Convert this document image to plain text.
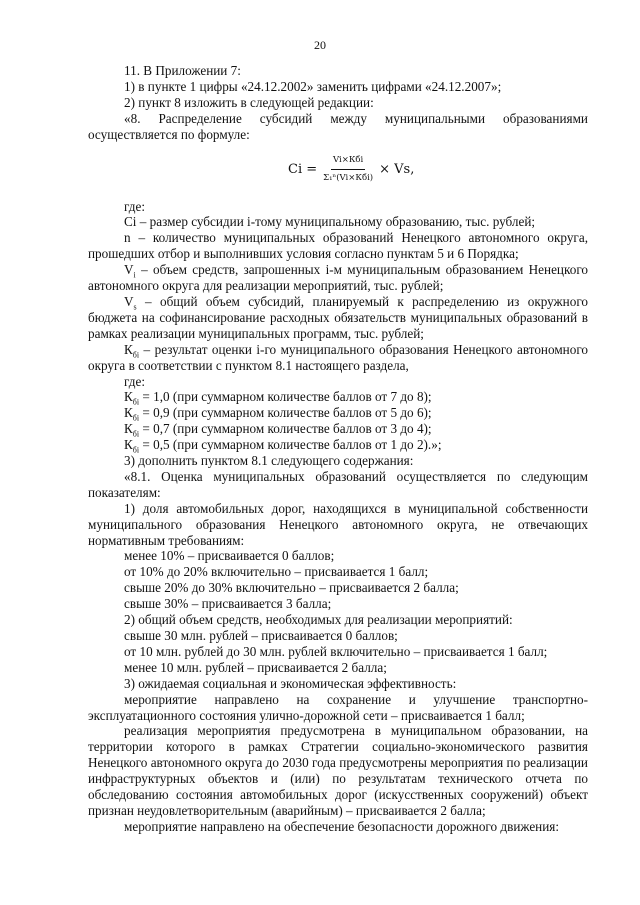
20

11. В Приложении 7:

1) в пункте 1 цифры «24.12.2002» заменить цифрами «24.12.2007»;

2) пункт 8 изложить в следующей редакции:

«8. Распределение субсидий между муниципальными образованиями осуществляется по формуле:

$Ci = \frac{\text{Vi×Кбi}}{\text{Σ₁ⁿ(Vi×Кбi)}} \times Vs$,

где:

Ci – размер субсидии i-тому муниципальному образованию, тыс. рублей;

n – количество муниципальных образований Ненецкого автономного округа, прошедших отбор и выполнивших условия согласно пунктам 5 и 6 Порядка;

$V_i$ – объем средств, запрошенных i-м муниципальным образованием Ненецкого автономного округа для реализации мероприятий, тыс. рублей;

$V_s$ – общий объем субсидий, планируемый к распределению из окружного бюджета на софинансирование расходных обязательств муниципальных образований в рамках реализации муниципальных программ, тыс. рублей;

$К_{бi}$ – результат оценки i-го муниципального образования Ненецкого автономного округа в соответствии с пунктом 8.1 настоящего раздела,

где:

$К_{бi} = 1,0$ (при суммарном количестве баллов от 7 до 8);

$К_{бi} = 0,9$ (при суммарном количестве баллов от 5 до 6);

$К_{бi} = 0,7$ (при суммарном количестве баллов от 3 до 4);

$К_{бi} = 0,5$ (при суммарном количестве баллов от 1 до 2).»;

3) дополнить пунктом 8.1 следующего содержания:

«8.1. Оценка муниципальных образований осуществляется по следующим показателям:

1) доля автомобильных дорог, находящихся в муниципальной собственности муниципального образования Ненецкого автономного округа, не отвечающих нормативным требованиям:

менее 10% – присваивается 0 баллов;

от 10% до 20% включительно – присваивается 1 балл;

свыше 20% до 30% включительно – присваивается 2 балла;

свыше 30% – присваивается 3 балла;

2) общий объем средств, необходимых для реализации мероприятий:

свыше 30 млн. рублей – присваивается 0 баллов;

от 10 млн. рублей до 30 млн. рублей включительно – присваивается 1 балл;

менее 10 млн. рублей – присваивается 2 балла;

3) ожидаемая социальная и экономическая эффективность:

мероприятие направлено на сохранение и улучшение транспортно-эксплуатационного состояния улично-дорожной сети – присваивается 1 балл;

реализация мероприятия предусмотрена в муниципальном образовании, на территории которого в рамках Стратегии социально-экономического развития Ненецкого автономного округа до 2030 года предусмотрены мероприятия по реализации инфраструктурных объектов и (или) по результатам технического отчета по обследованию состояния автомобильных дорог (искусственных сооружений) объект признан неудовлетворительным (аварийным) – присваивается 2 балла;

мероприятие направлено на обеспечение безопасности дорожного движения:
